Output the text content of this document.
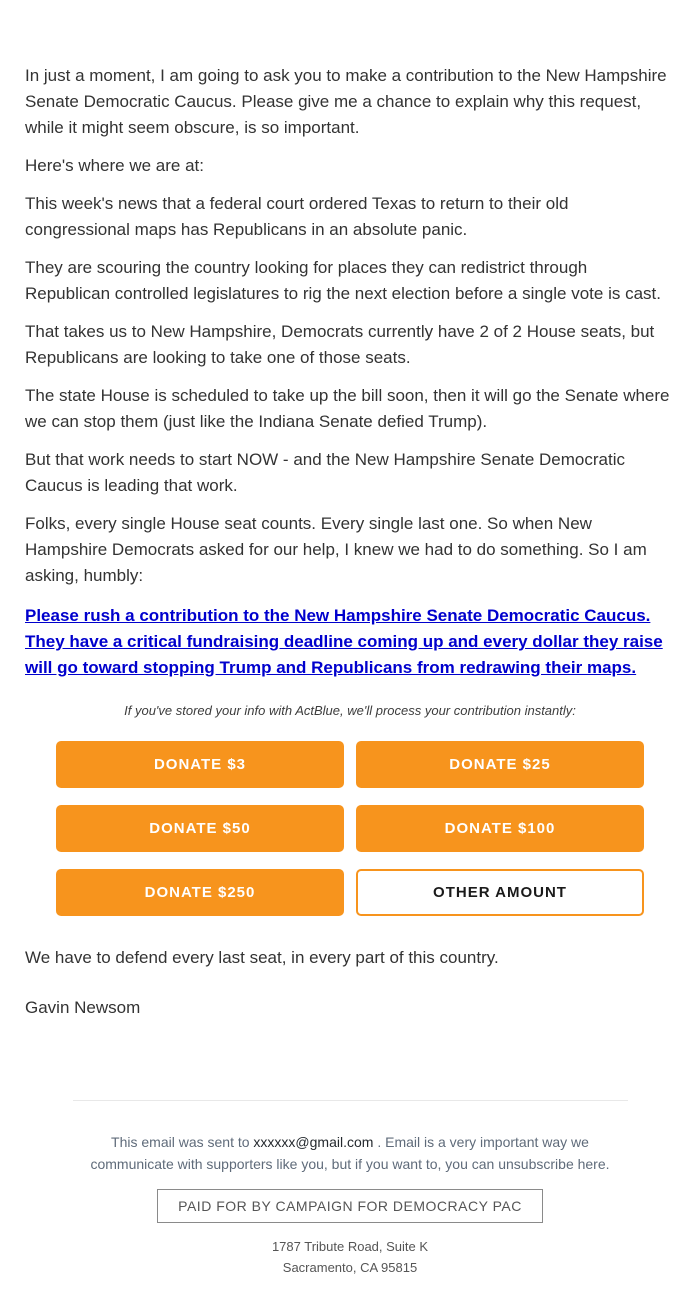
In just a moment, I am going to ask you to make a contribution to the New Hampshire Senate Democratic Caucus. Please give me a chance to explain why this request, while it might seem obscure, is so important.

Here's where we are at:

This week's news that a federal court ordered Texas to return to their old congressional maps has Republicans in an absolute panic.

They are scouring the country looking for places they can redistrict through Republican controlled legislatures to rig the next election before a single vote is cast.

That takes us to New Hampshire, Democrats currently have 2 of 2 House seats, but Republicans are looking to take one of those seats.

The state House is scheduled to take up the bill soon, then it will go the Senate where we can stop them (just like the Indiana Senate defied Trump).

But that work needs to start NOW - and the New Hampshire Senate Democratic Caucus is leading that work.

Folks, every single House seat counts. Every single last one. So when New Hampshire Democrats asked for our help, I knew we had to do something. So I am asking, humbly:

Please rush a contribution to the New Hampshire Senate Democratic Caucus. They have a critical fundraising deadline coming up and every dollar they raise will go toward stopping Trump and Republicans from redrawing their maps.
If you've stored your info with ActBlue, we'll process your contribution instantly:
DONATE $3	DONATE $25
DONATE $50	DONATE $100
DONATE $250	OTHER AMOUNT

We have to defend every last seat, in every part of this country.

Gavin Newsom

This email was sent to xxxxxx@gmail.com . Email is a very important way we communicate with supporters like you, but if you want to, you can unsubscribe here.

PAID FOR BY CAMPAIGN FOR DEMOCRACY PAC
1787 Tribute Road, Suite K
Sacramento, CA 95815
